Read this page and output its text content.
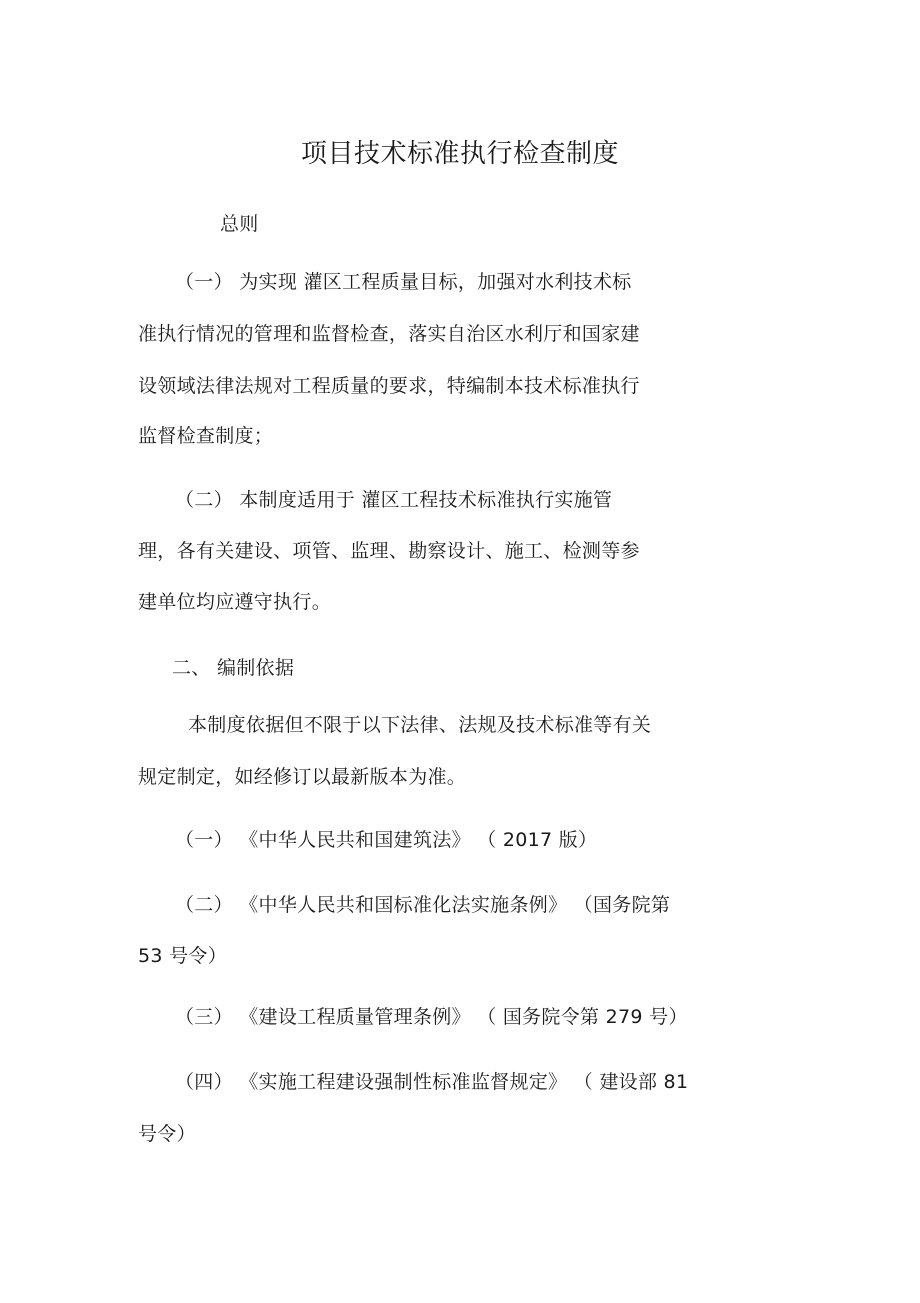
项目技术标准执行检查制度
总则
（一） 为实现 灌区工程质量目标，加强对水利技术标
准执行情况的管理和监督检查，落实自治区水利厅和国家建
设领域法律法规对工程质量的要求，特编制本技术标准执行
监督检查制度；
（二） 本制度适用于 灌区工程技术标准执行实施管
理，各有关建设、项管、监理、勘察设计、施工、检测等参
建单位均应遵守执行。
二、 编制依据
本制度依据但不限于以下法律、法规及技术标准等有关
规定制定，如经修订以最新版本为准。
（一） 《中华人民共和国建筑法》 （ 2017 版）
（二） 《中华人民共和国标准化法实施条例》 （国务院第
53 号令）
（三） 《建设工程质量管理条例》 （ 国务院令第 279 号）
（四） 《实施工程建设强制性标准监督规定》 （ 建设部 81
号令）
